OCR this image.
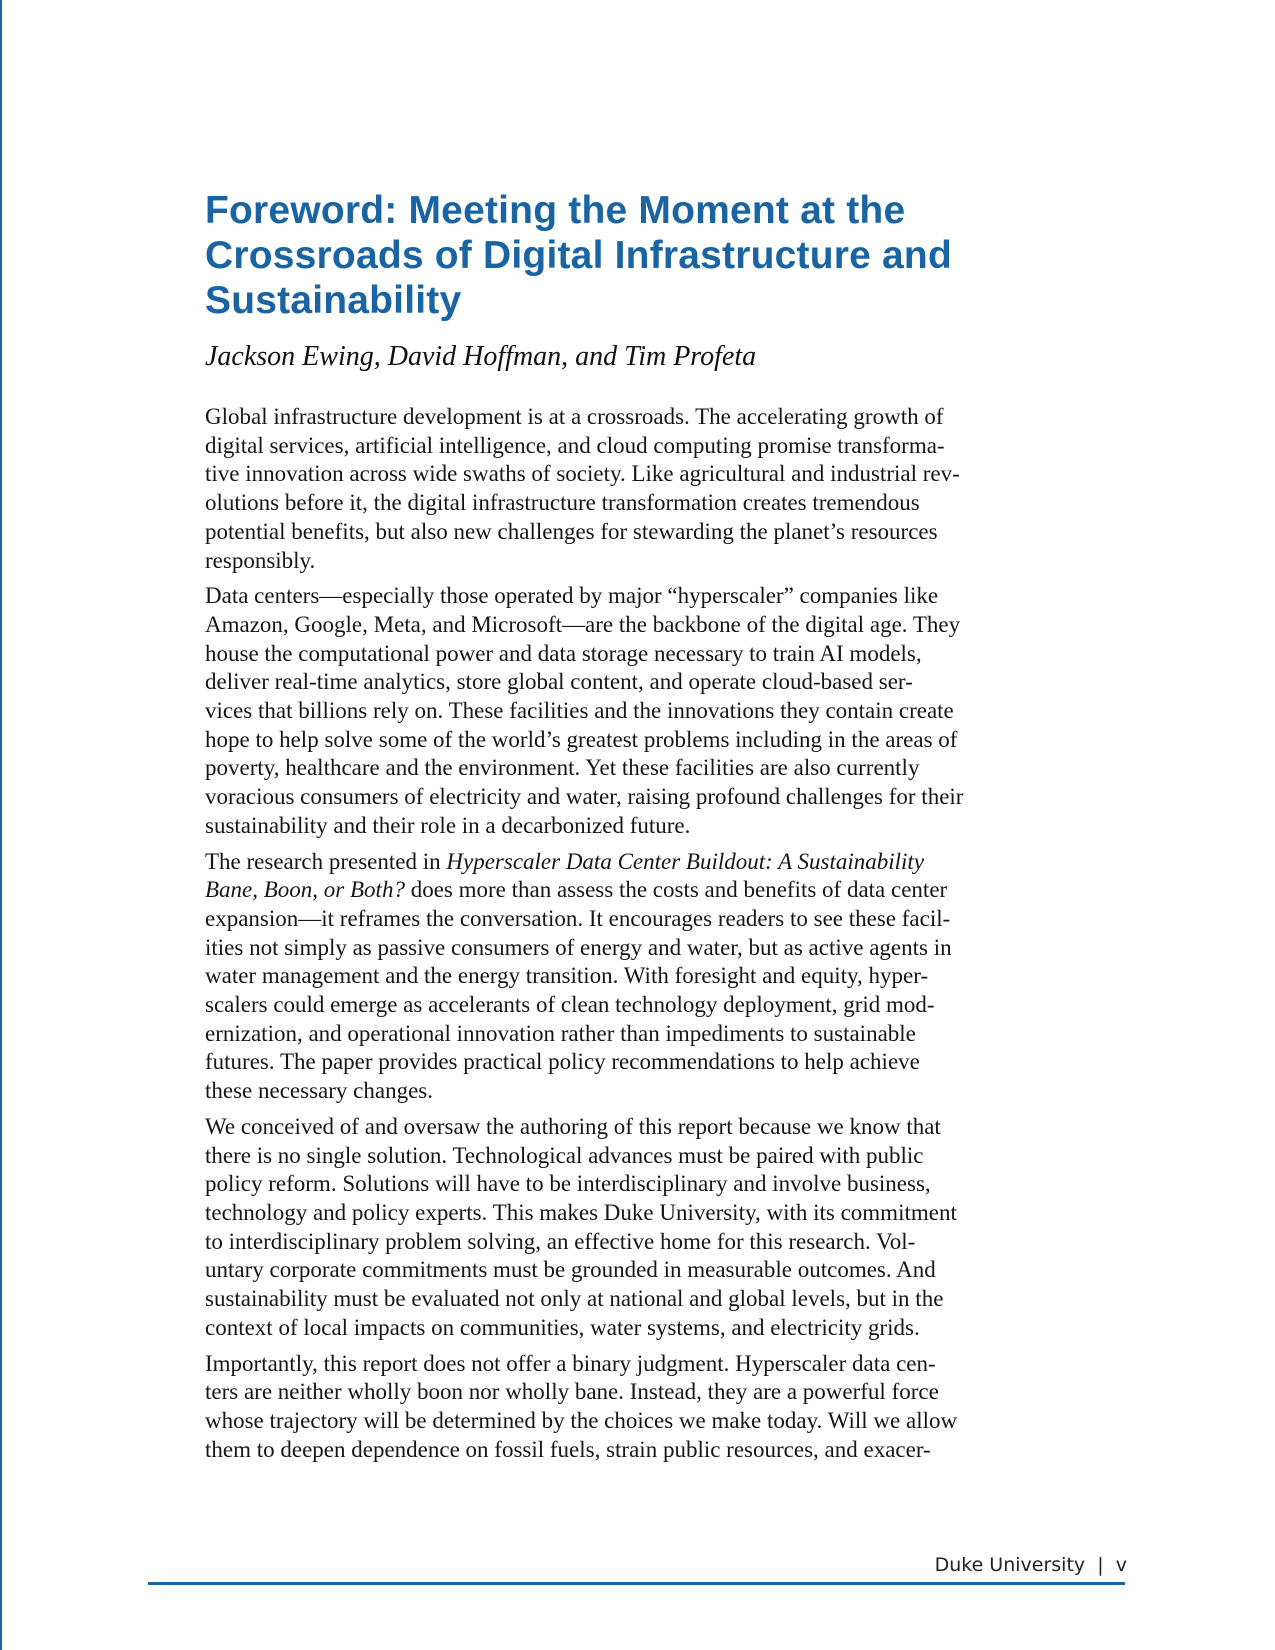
Foreword: Meeting the Moment at the
Crossroads of Digital Infrastructure and
Sustainability
Jackson Ewing, David Hoffman, and Tim Profeta
Global infrastructure development is at a crossroads. The accelerating growth of
digital services, artificial intelligence, and cloud computing promise transforma-
tive innovation across wide swaths of society. Like agricultural and industrial rev-
olutions before it, the digital infrastructure transformation creates tremendous
potential benefits, but also new challenges for stewarding the planet’s resources
responsibly.
Data centers—especially those operated by major “hyperscaler” companies like
Amazon, Google, Meta, and Microsoft—are the backbone of the digital age. They
house the computational power and data storage necessary to train AI models,
deliver real-time analytics, store global content, and operate cloud-based ser-
vices that billions rely on. These facilities and the innovations they contain create
hope to help solve some of the world’s greatest problems including in the areas of
poverty, healthcare and the environment. Yet these facilities are also currently
voracious consumers of electricity and water, raising profound challenges for their
sustainability and their role in a decarbonized future.
The research presented in Hyperscaler Data Center Buildout: A Sustainability
Bane, Boon, or Both? does more than assess the costs and benefits of data center
expansion—it reframes the conversation. It encourages readers to see these facil-
ities not simply as passive consumers of energy and water, but as active agents in
water management and the energy transition. With foresight and equity, hyper-
scalers could emerge as accelerants of clean technology deployment, grid mod-
ernization, and operational innovation rather than impediments to sustainable
futures. The paper provides practical policy recommendations to help achieve
these necessary changes.
We conceived of and oversaw the authoring of this report because we know that
there is no single solution. Technological advances must be paired with public
policy reform. Solutions will have to be interdisciplinary and involve business,
technology and policy experts. This makes Duke University, with its commitment
to interdisciplinary problem solving, an effective home for this research. Vol-
untary corporate commitments must be grounded in measurable outcomes. And
sustainability must be evaluated not only at national and global levels, but in the
context of local impacts on communities, water systems, and electricity grids.
Importantly, this report does not offer a binary judgment. Hyperscaler data cen-
ters are neither wholly boon nor wholly bane. Instead, they are a powerful force
whose trajectory will be determined by the choices we make today. Will we allow
them to deepen dependence on fossil fuels, strain public resources, and exacer-
Duke University | v
